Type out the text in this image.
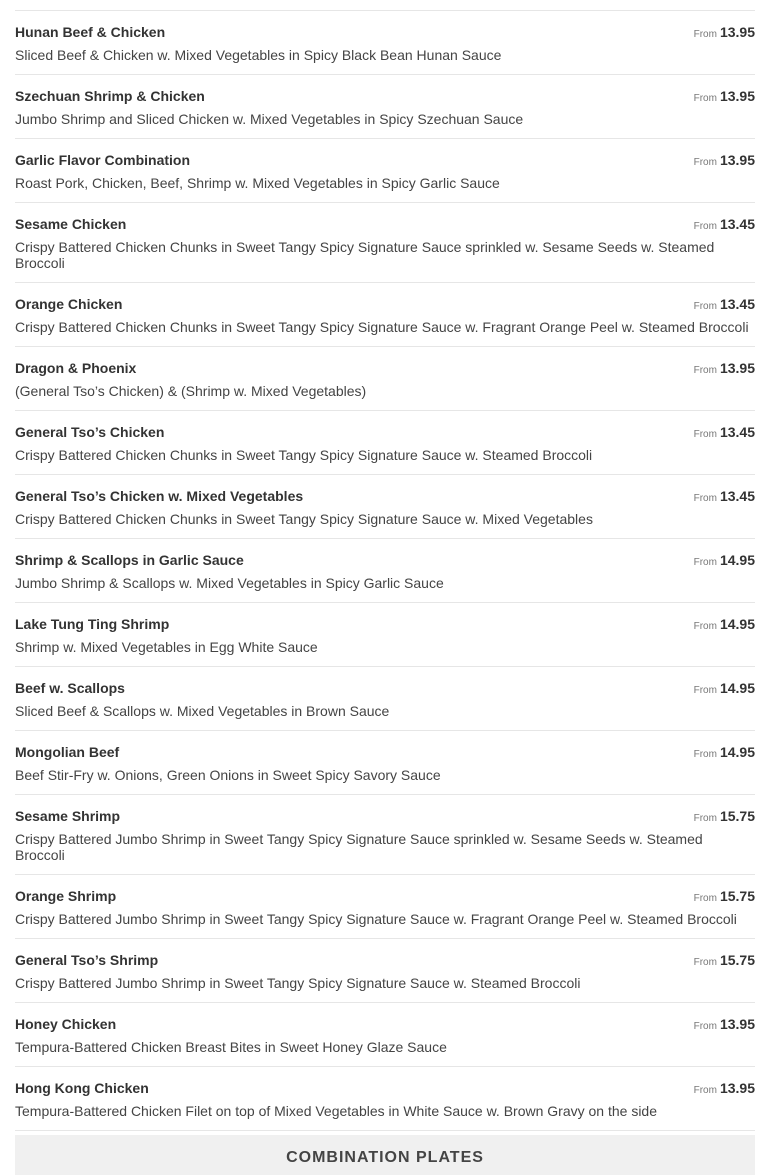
Hunan Beef & Chicken	From 13.95
Sliced Beef & Chicken w. Mixed Vegetables in Spicy Black Bean Hunan Sauce
Szechuan Shrimp & Chicken	From 13.95
Jumbo Shrimp and Sliced Chicken w. Mixed Vegetables in Spicy Szechuan Sauce
Garlic Flavor Combination	From 13.95
Roast Pork, Chicken, Beef, Shrimp w. Mixed Vegetables in Spicy Garlic Sauce
Sesame Chicken	From 13.45
Crispy Battered Chicken Chunks in Sweet Tangy Spicy Signature Sauce sprinkled w. Sesame Seeds w. Steamed Broccoli
Orange Chicken	From 13.45
Crispy Battered Chicken Chunks in Sweet Tangy Spicy Signature Sauce w. Fragrant Orange Peel w. Steamed Broccoli
Dragon & Phoenix	From 13.95
(General Tso’s Chicken) & (Shrimp w. Mixed Vegetables)
General Tso’s Chicken	From 13.45
Crispy Battered Chicken Chunks in Sweet Tangy Spicy Signature Sauce w. Steamed Broccoli
General Tso’s Chicken w. Mixed Vegetables	From 13.45
Crispy Battered Chicken Chunks in Sweet Tangy Spicy Signature Sauce w. Mixed Vegetables
Shrimp & Scallops in Garlic Sauce	From 14.95
Jumbo Shrimp & Scallops w. Mixed Vegetables in Spicy Garlic Sauce
Lake Tung Ting Shrimp	From 14.95
Shrimp w. Mixed Vegetables in Egg White Sauce
Beef w. Scallops	From 14.95
Sliced Beef & Scallops w. Mixed Vegetables in Brown Sauce
Mongolian Beef	From 14.95
Beef Stir-Fry w. Onions, Green Onions in Sweet Spicy Savory Sauce
Sesame Shrimp	From 15.75
Crispy Battered Jumbo Shrimp in Sweet Tangy Spicy Signature Sauce sprinkled w. Sesame Seeds w. Steamed Broccoli
Orange Shrimp	From 15.75
Crispy Battered Jumbo Shrimp in Sweet Tangy Spicy Signature Sauce w. Fragrant Orange Peel w. Steamed Broccoli
General Tso’s Shrimp	From 15.75
Crispy Battered Jumbo Shrimp in Sweet Tangy Spicy Signature Sauce w. Steamed Broccoli
Honey Chicken	From 13.95
Tempura-Battered Chicken Breast Bites in Sweet Honey Glaze Sauce
Hong Kong Chicken	From 13.95
Tempura-Battered Chicken Filet on top of Mixed Vegetables in White Sauce w. Brown Gravy on the side
COMBINATION PLATES
